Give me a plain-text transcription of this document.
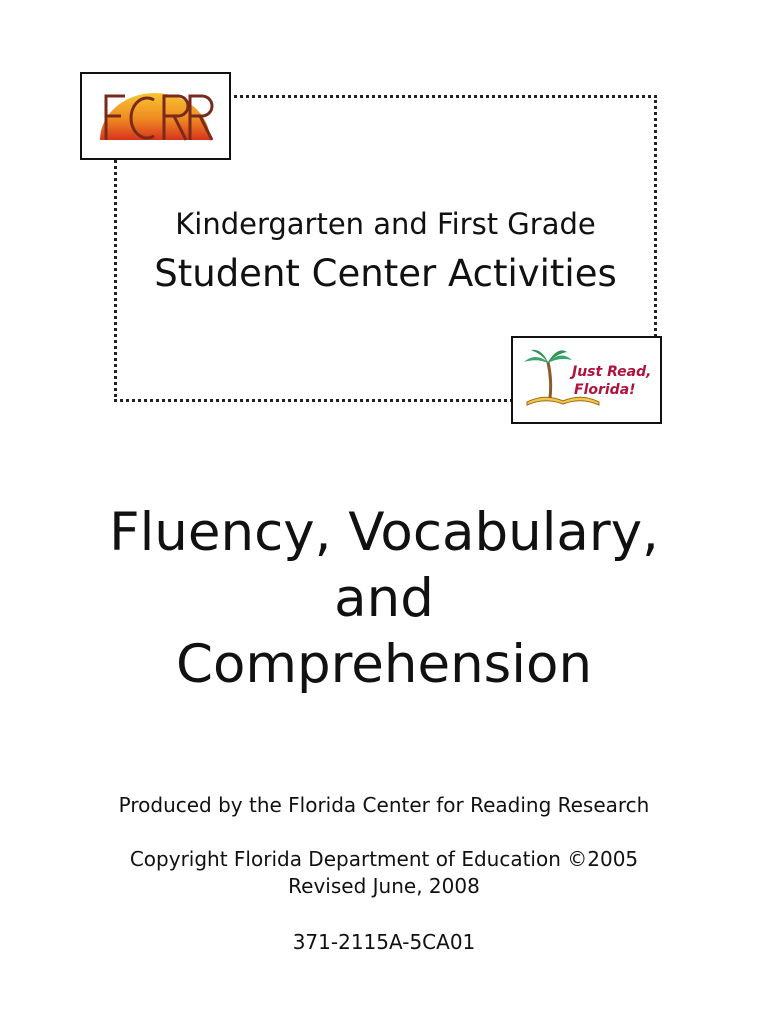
Just Read,
Florida!
Kindergarten and First Grade
Student Center Activities
Fluency, Vocabulary,
and
Comprehension
Produced by the Florida Center for Reading Research
Copyright Florida Department of Education ©2005
Revised June, 2008
371-2115A-5CA01
